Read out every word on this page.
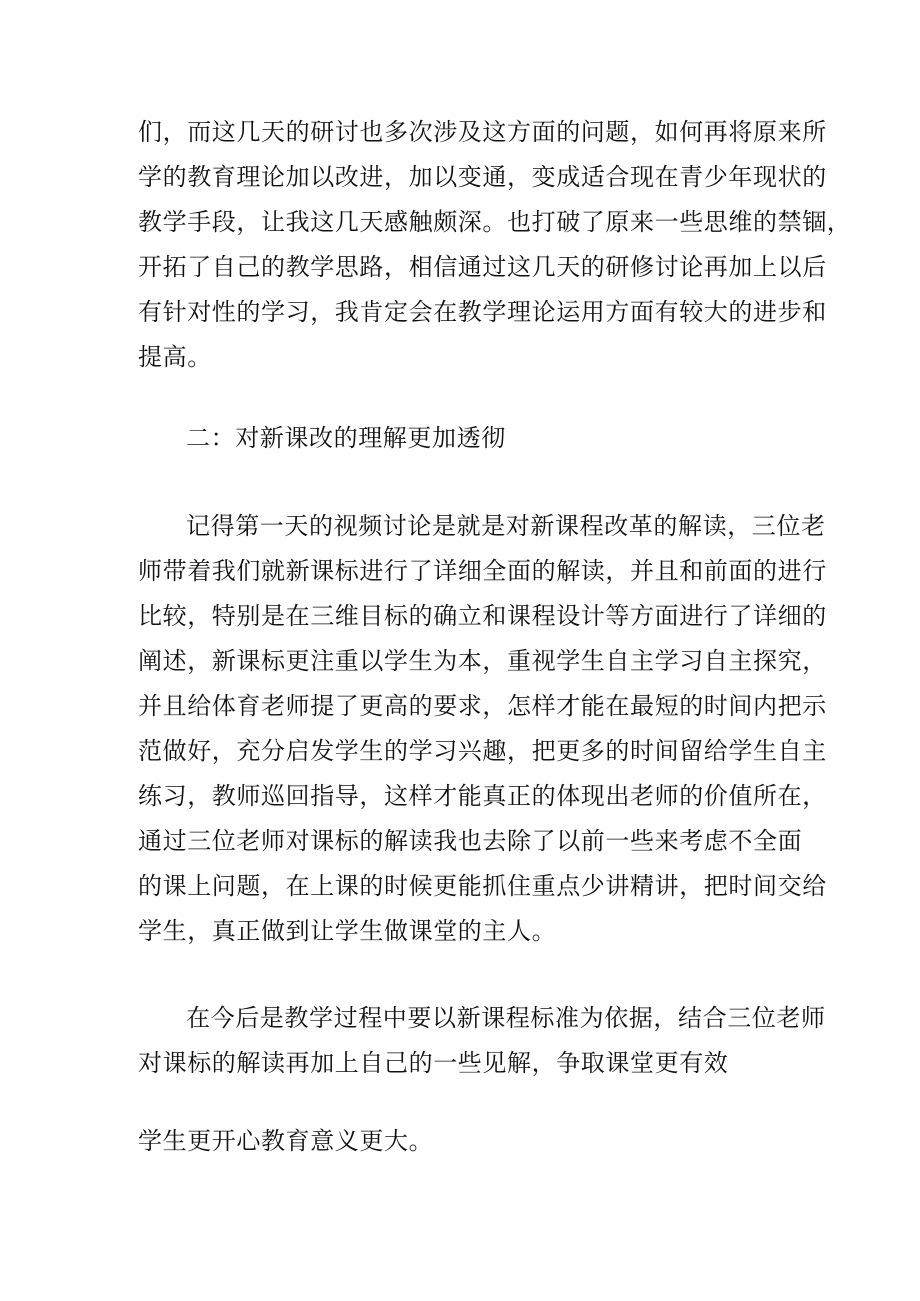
们，而这几天的研讨也多次涉及这方面的问题，如何再将原来所
学的教育理论加以改进，加以变通，变成适合现在青少年现状的
教学手段，让我这几天感触颇深。也打破了原来一些思维的禁锢，
开拓了自己的教学思路，相信通过这几天的研修讨论再加上以后
有针对性的学习，我肯定会在教学理论运用方面有较大的进步和
提高。
二：对新课改的理解更加透彻
记得第一天的视频讨论是就是对新课程改革的解读，三位老
师带着我们就新课标进行了详细全面的解读，并且和前面的进行
比较，特别是在三维目标的确立和课程设计等方面进行了详细的
阐述，新课标更注重以学生为本，重视学生自主学习自主探究，
并且给体育老师提了更高的要求，怎样才能在最短的时间内把示
范做好，充分启发学生的学习兴趣，把更多的时间留给学生自主
练习，教师巡回指导，这样才能真正的体现出老师的价值所在，
通过三位老师对课标的解读我也去除了以前一些来考虑不全面
的课上问题，在上课的时候更能抓住重点少讲精讲，把时间交给
学生，真正做到让学生做课堂的主人。
在今后是教学过程中要以新课程标准为依据，结合三位老师
对课标的解读再加上自己的一些见解，争取课堂更有效
学生更开心教育意义更大。
